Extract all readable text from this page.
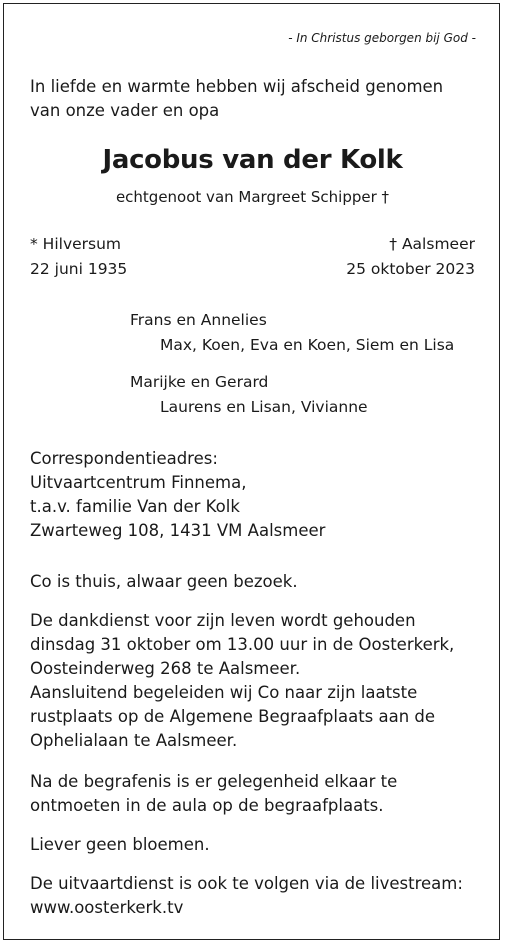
- In Christus geborgen bij God -
In liefde en warmte hebben wij afscheid genomen
van onze vader en opa
Jacobus van der Kolk
echtgenoot van Margreet Schipper †
* Hilversum
22 juni 1935
† Aalsmeer
25 oktober 2023
Frans en Annelies
Max, Koen, Eva en Koen, Siem en Lisa
Marijke en Gerard
Laurens en Lisan, Vivianne
Correspondentieadres:
Uitvaartcentrum Finnema,
t.a.v. familie Van der Kolk
Zwarteweg 108, 1431 VM Aalsmeer
Co is thuis, alwaar geen bezoek.
De dankdienst voor zijn leven wordt gehouden
dinsdag 31 oktober om 13.00 uur in de Oosterkerk,
Oosteinderweg 268 te Aalsmeer.
Aansluitend begeleiden wij Co naar zijn laatste
rustplaats op de Algemene Begraafplaats aan de
Ophelialaan te Aalsmeer.
Na de begrafenis is er gelegenheid elkaar te
ontmoeten in de aula op de begraafplaats.
Liever geen bloemen.
De uitvaartdienst is ook te volgen via de livestream:
www.oosterkerk.tv
